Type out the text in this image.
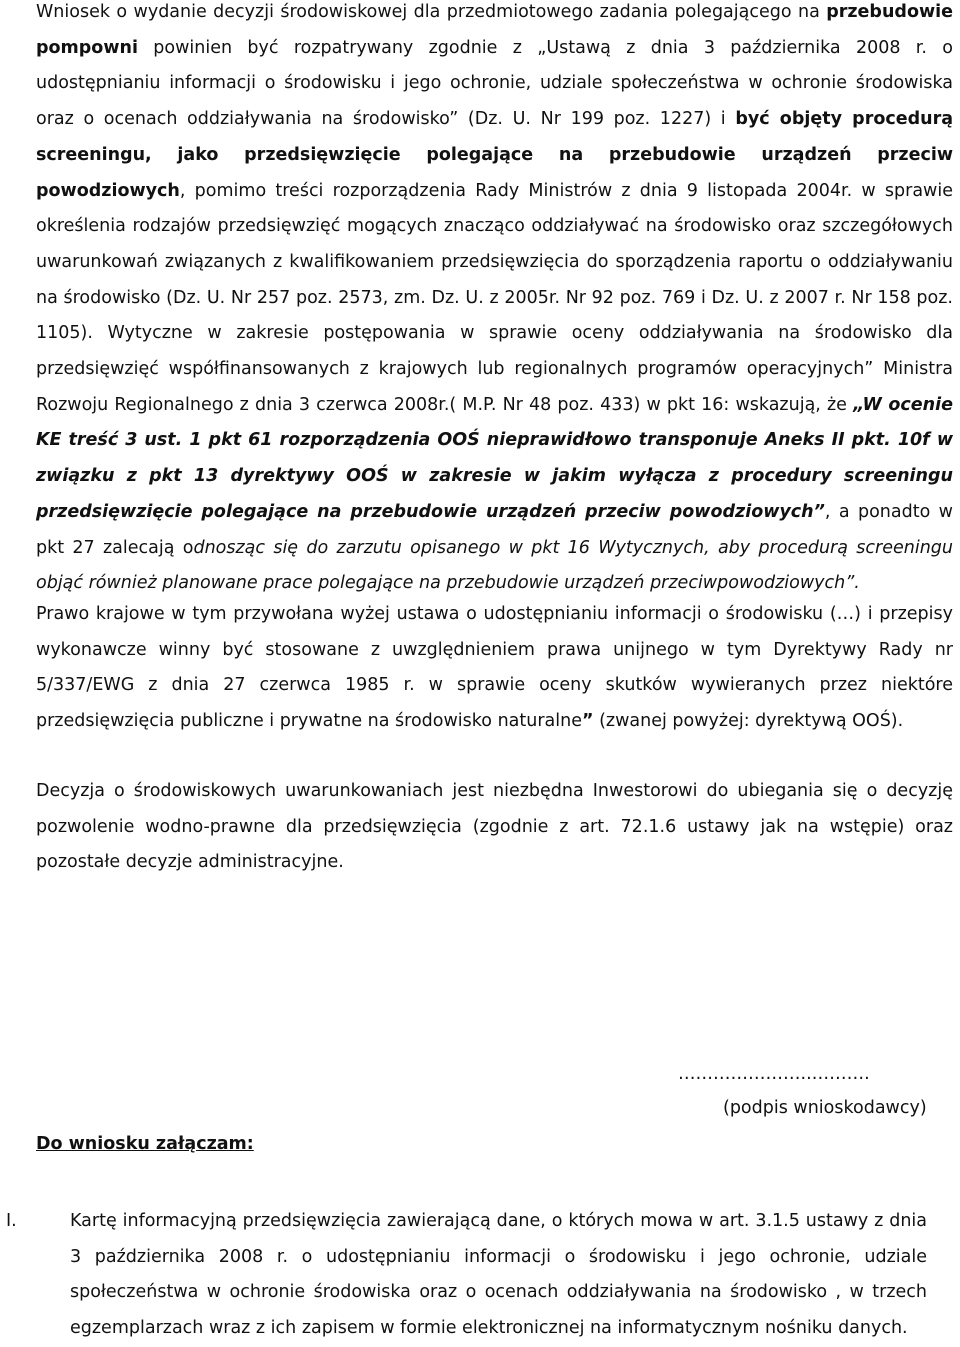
Wniosek o wydanie decyzji środowiskowej dla przedmiotowego zadania polegającego na przebudowie pompowni powinien być rozpatrywany zgodnie z „Ustawą z dnia 3 października 2008 r. o udostępnianiu informacji o środowisku i jego ochronie, udziale społeczeństwa w ochronie środowiska oraz o ocenach oddziaływania na środowisko” (Dz. U. Nr 199 poz. 1227) i być objęty procedurą screeningu, jako przedsięwzięcie polegające na przebudowie urządzeń przeciw powodziowych, pomimo treści rozporządzenia Rady Ministrów z dnia 9 listopada 2004r. w sprawie określenia rodzajów przedsięwzięć mogących znacząco oddziaływać na środowisko oraz szczegółowych uwarunkowań związanych z kwalifikowaniem przedsięwzięcia do sporządzenia raportu o oddziaływaniu na środowisko (Dz. U. Nr 257 poz. 2573, zm. Dz. U. z 2005r. Nr 92 poz. 769 i Dz. U. z 2007 r. Nr 158 poz. 1105). Wytyczne w zakresie postępowania w sprawie oceny oddziaływania na środowisko dla przedsięwzięć współfinansowanych z krajowych lub regionalnych programów operacyjnych” Ministra Rozwoju Regionalnego z dnia 3 czerwca 2008r.( M.P. Nr 48 poz. 433) w pkt 16: wskazują, że „W ocenie KE treść 3 ust. 1 pkt 61 rozporządzenia OOŚ nieprawidłowo transponuje Aneks II pkt. 10f w związku z pkt 13 dyrektywy OOŚ w zakresie w jakim wyłącza z procedury screeningu przedsięwzięcie polegające na przebudowie urządzeń przeciw powodziowych”, a ponadto w pkt 27 zalecają odnosząc się do zarzutu opisanego w pkt 16 Wytycznych, aby procedurą screeningu objąć również planowane prace polegające na przebudowie urządzeń przeciwpowodziowych”.

Prawo krajowe w tym przywołana wyżej ustawa o udostępnianiu informacji o środowisku (…) i przepisy wykonawcze winny być stosowane z uwzględnieniem prawa unijnego w tym Dyrektywy Rady nr 5/337/EWG z dnia 27 czerwca 1985 r. w sprawie oceny skutków wywieranych przez niektóre przedsięwzięcia publiczne i prywatne na środowisko naturalne” (zwanej powyżej: dyrektywą OOŚ).

Decyzja o środowiskowych uwarunkowaniach jest niezbędna Inwestorowi do ubiegania się o decyzję pozwolenie wodno-prawne dla przedsięwzięcia (zgodnie z art. 72.1.6 ustawy jak na wstępie) oraz pozostałe decyzje administracyjne.

…………………..……….
(podpis wnioskodawcy)
Do wniosku załączam:
I.	Kartę informacyjną przedsięwzięcia zawierającą dane, o których mowa w art. 3.1.5 ustawy z dnia 3 października 2008 r. o udostępnianiu informacji o środowisku i jego ochronie, udziale społeczeństwa w ochronie środowiska oraz o ocenach oddziaływania na środowisko , w trzech egzemplarzach wraz z ich zapisem w formie elektronicznej na informatycznym nośniku danych.
